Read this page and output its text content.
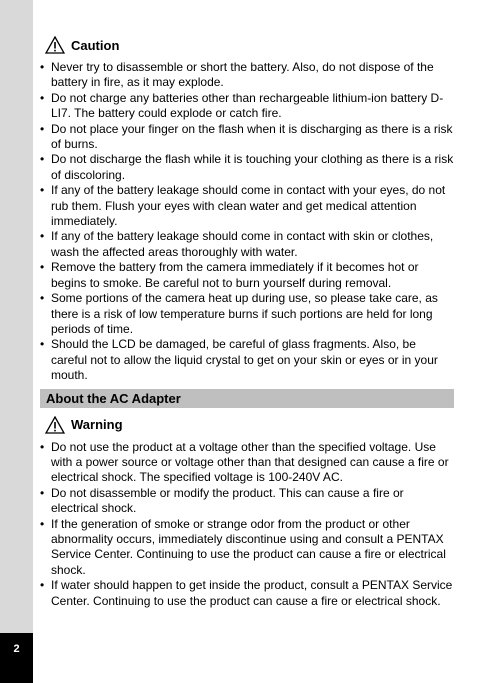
2
Caution
• Never try to disassemble or short the battery. Also, do not dispose of the battery in fire, as it may explode.
• Do not charge any batteries other than rechargeable lithium-ion battery D-LI7. The battery could explode or catch fire.
• Do not place your finger on the flash when it is discharging as there is a risk of burns.
• Do not discharge the flash while it is touching your clothing as there is a risk of discoloring.
• If any of the battery leakage should come in contact with your eyes, do not rub them. Flush your eyes with clean water and get medical attention immediately.
• If any of the battery leakage should come in contact with skin or clothes, wash the affected areas thoroughly with water.
• Remove the battery from the camera immediately if it becomes hot or begins to smoke. Be careful not to burn yourself during removal.
• Some portions of the camera heat up during use, so please take care, as there is a risk of low temperature burns if such portions are held for long periods of time.
• Should the LCD be damaged, be careful of glass fragments. Also, be careful not to allow the liquid crystal to get on your skin or eyes or in your mouth.
About the AC Adapter
Warning
• Do not use the product at a voltage other than the specified voltage. Use with a power source or voltage other than that designed can cause a fire or electrical shock. The specified voltage is 100-240V AC.
• Do not disassemble or modify the product. This can cause a fire or electrical shock.
• If the generation of smoke or strange odor from the product or other abnormality occurs, immediately discontinue using and consult a PENTAX Service Center. Continuing to use the product can cause a fire or electrical shock.
• If water should happen to get inside the product, consult a PENTAX Service Center. Continuing to use the product can cause a fire or electrical shock.
